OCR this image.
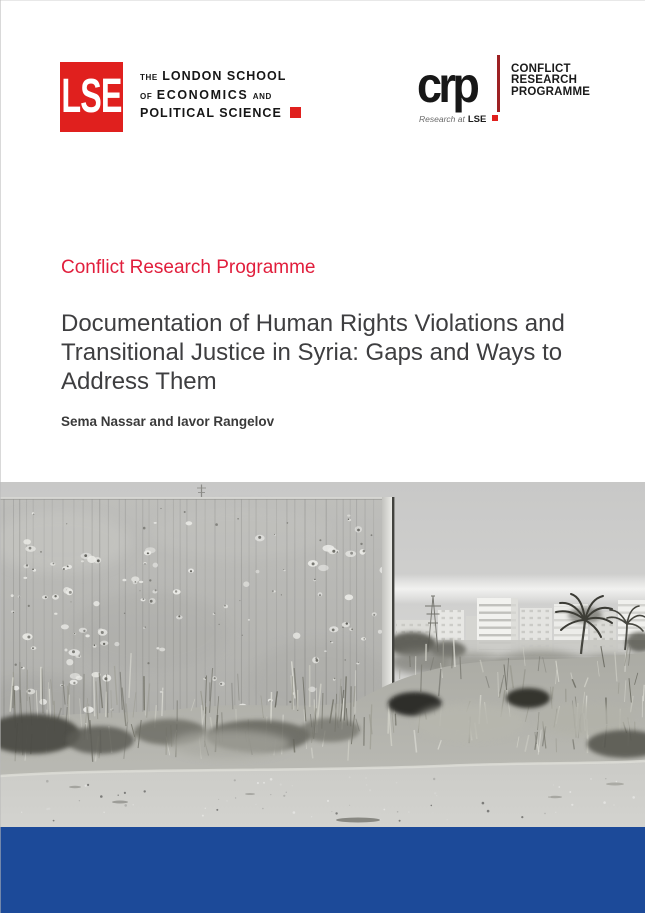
LSE THE LONDON SCHOOL
OF ECONOMICS AND
POLITICAL SCIENCE	crp	CONFLICT
RESEARCH
PROGRAMME
Research at LSE
Conflict Research Programme
Documentation of Human Rights Violations and
Transitional Justice in Syria: Gaps and Ways to
Address Them
Sema Nassar and Iavor Rangelov
